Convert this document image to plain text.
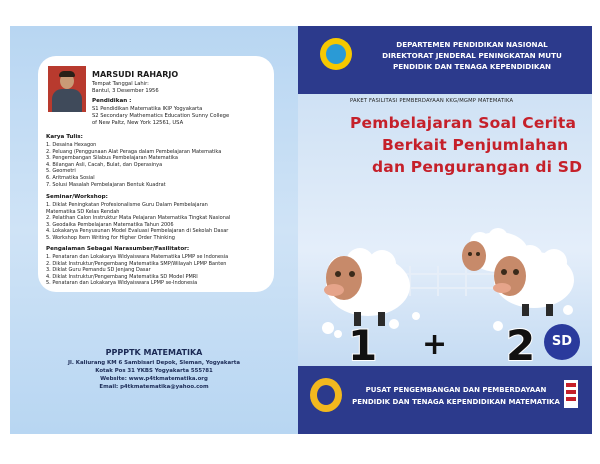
MARSUDI RAHARJO
Tempat Tanggal Lahir:
Bantul, 3 Desember 1956
Pendidikan :
S1 Pendidikan Matematika IKIP Yogyakarta
S2 Secondary Mathematics Education Sunny College
of New Paltz, New York 12561, USA
Karya Tulis:
1. Desaina Hexagon
2. Peluang (Penggunaan Alat Peraga dalam Pembelajaran Matematika
3. Pengembangan Silabus Pembelajaran Matematika
4. Bilangan Asli, Cacah, Bulat, dan Operasinya
5. Geometri
6. Aritmatika Sosial
7. Solusi Masalah Pembelajaran Bentuk Kuadrat
Seminar/Workshop:
1. Diklat Peningkatan Profesionalisme Guru Dalam Pembelajaran
Matematika SD Kelas Rendah
2. Pelatihan Calon Instruktur Mata Pelajaran Matematika Tingkat Nasional
3. Geodaika Pembelajaran Matematika Tahun 2006
4. Lokakarya Penyusunan Model Evaluasi Pembelajaran di Sekolah Dasar
5. Workshop Item Writing for Higher Order Thinking
Pengalaman Sebagai Narasumber/Fasilitator:
1. Penataran dan Lokakarya Widyaiswara Matematika LPMP se Indonesia
2. Diklat Instruktur/Pengembang Matematika SMP/Wilayah LPMP Banten
3. Diklat Guru Pemandu SD Jenjang Dasar
4. Diklat Instruktur/Pengembang Matematika SD Model PMRI
5. Penataran dan Lokakarya Widyaiswara LPMP se-Indonesia
PPPPTK MATEMATIKA
Jl. Kaliurang KM 6 Sambisari Depok, Sleman, Yogyakarta
Kotak Pos 31 YKBS Yogyakarta 555?81
Website: www.p4tkmatematika.org
Email: p4tkmatematika@yahoo.com
DEPARTEMEN PENDIDIKAN NASIONAL
DIREKTORAT JENDERAL PENINGKATAN MUTU
PENDIDIK DAN TENAGA KEPENDIDIKAN
PAKET FASILITASI PEMBERDAYAAN KKG/MGMP MATEMATIKA
Pembelajaran Soal Cerita
Berkait Penjumlahan
dan Pengurangan di SD
1 + 2	SD
PUSAT PENGEMBANGAN DAN PEMBERDAYAAN
PENDIDIK DAN TENAGA KEPENDIDIKAN MATEMATIKA
